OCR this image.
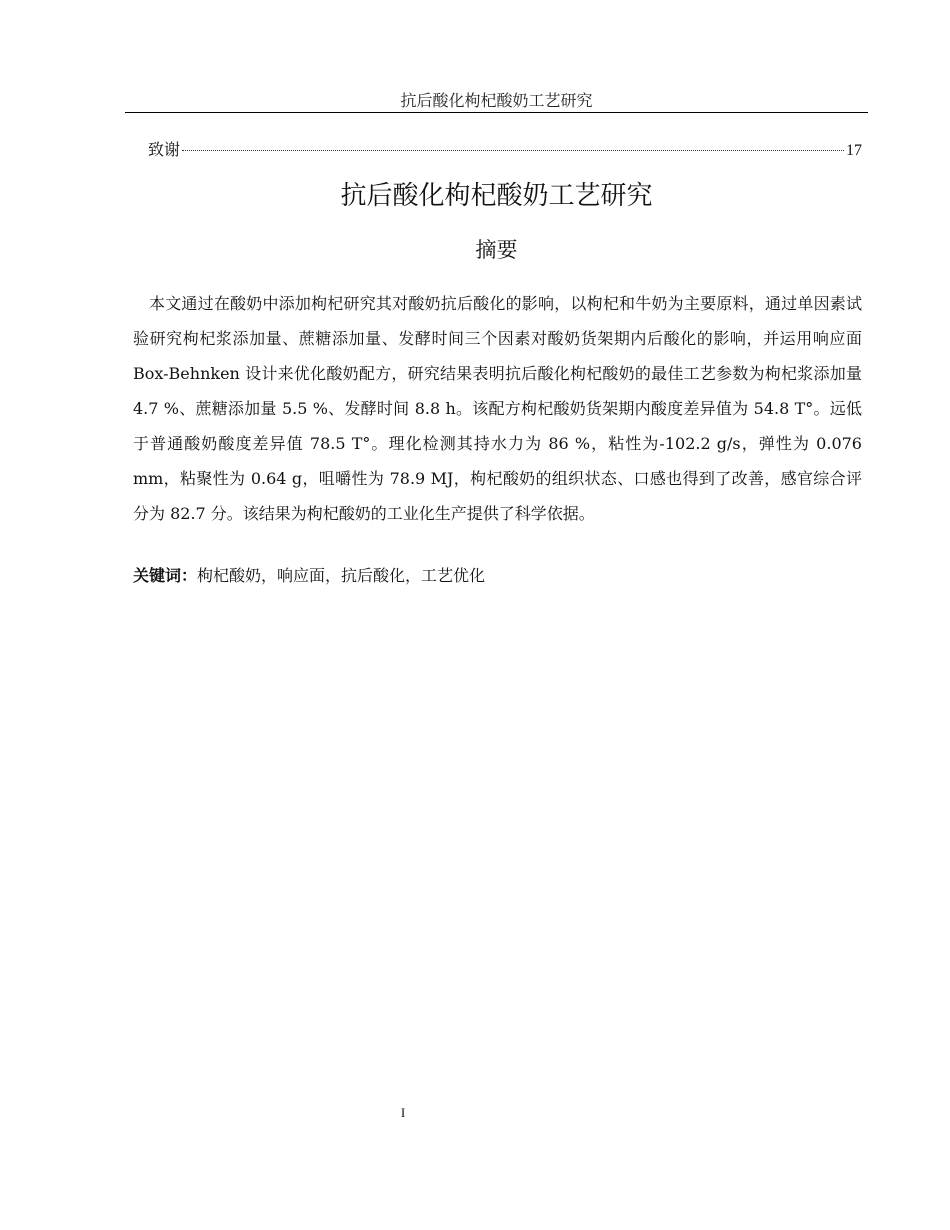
抗后酸化枸杞酸奶工艺研究
致谢	17
抗后酸化枸杞酸奶工艺研究
摘要

本文通过在酸奶中添加枸杞研究其对酸奶抗后酸化的影响，以枸杞和牛奶为主要原料，通过单因素试验研究枸杞浆添加量、蔗糖添加量、发酵时间三个因素对酸奶货架期内后酸化的影响，并运用响应面 Box-Behnken 设计来优化酸奶配方，研究结果表明抗后酸化枸杞酸奶的最佳工艺参数为枸杞浆添加量 4.7 %、蔗糖添加量 5.5 %、发酵时间 8.8 h。该配方枸杞酸奶货架期内酸度差异值为 54.8 T°。远低于普通酸奶酸度差异值 78.5 T°。理化检测其持水力为 86 %，粘性为-102.2 g/s，弹性为 0.076 mm，粘聚性为 0.64 g，咀嚼性为 78.9 MJ，枸杞酸奶的组织状态、口感也得到了改善，感官综合评分为 82.7 分。该结果为枸杞酸奶的工业化生产提供了科学依据。

关键词：枸杞酸奶，响应面，抗后酸化，工艺优化
I
